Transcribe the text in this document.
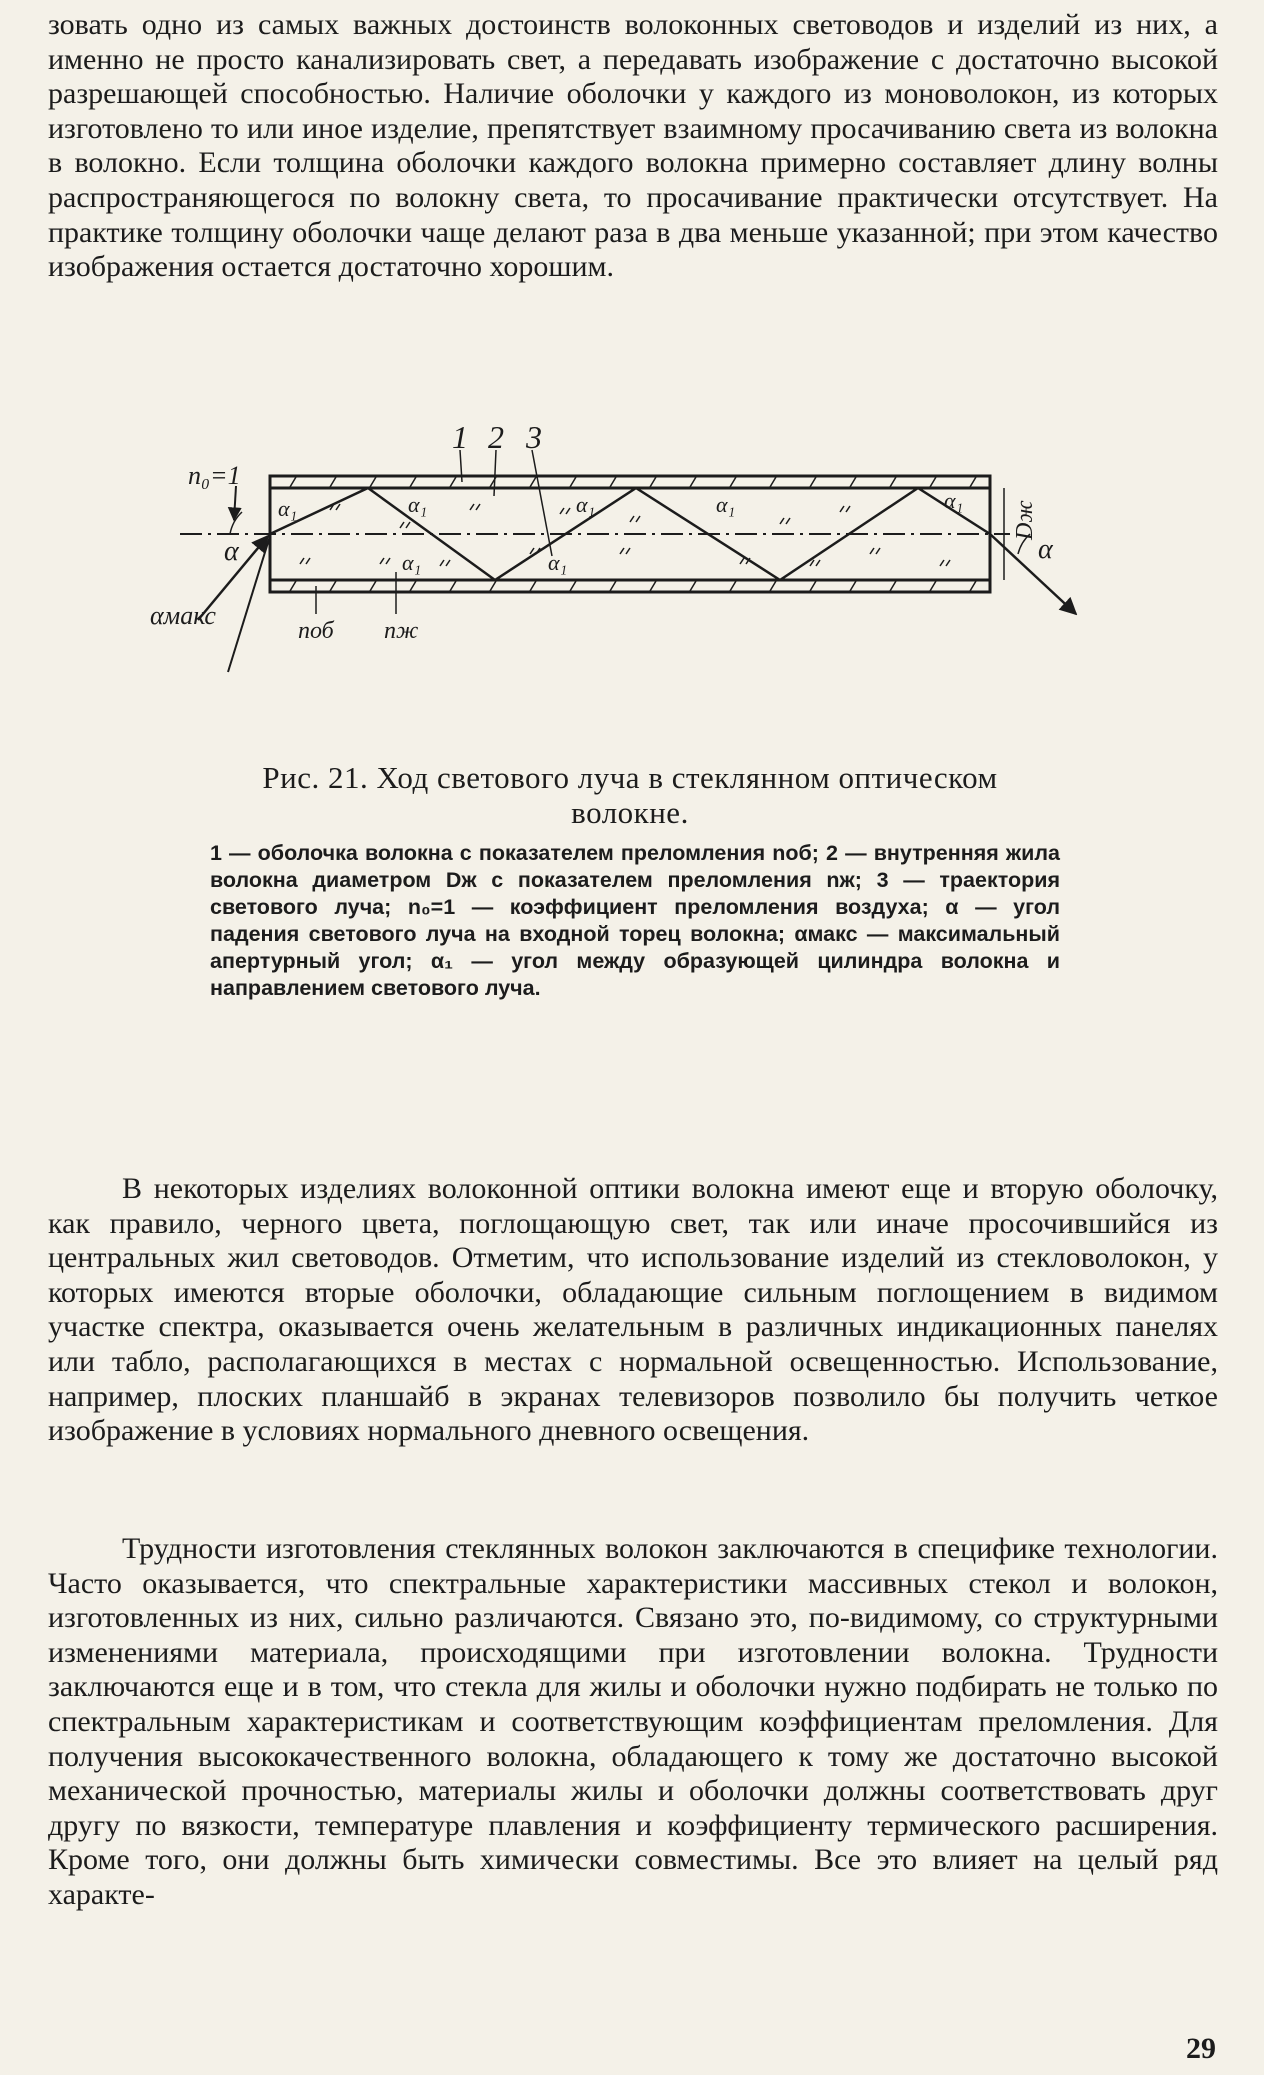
зовать одно из самых важных достоинств волоконных световодов и изделий из них, а именно не просто канализировать свет, а передавать изображение с достаточно высокой разрешающей способностью. Наличие оболочки у каждого из моноволокон, из которых изготовлено то или иное изделие, препятствует взаимному просачиванию света из волокна в волокно. Если толщина оболочки каждого волокна примерно составляет длину волны распространяющегося по волокну света, то просачивание практически отсутствует. На практике толщину оболочки чаще делают раза в два меньше указанной; при этом качество изображения остается достаточно хорошим.

1 2 3
n₀=1
α
αмакс
α₁	α₁	α₁	α₁
α₁	α₁
α₁
α
nоб nж
Dж

Рис. 21. Ход светового луча в стеклянном оптическом волокне.

1 — оболочка волокна с показателем преломления nоб; 2 — внутренняя жила волокна диаметром Dж с показателем преломления nж; 3 — траектория светового луча; n₀=1 — коэффициент преломления воздуха; α — угол падения светового луча на входной торец волокна; αмакс — максимальный апертурный угол; α₁ — угол между образующей цилиндра волокна и направлением светового луча.

В некоторых изделиях волоконной оптики волокна имеют еще и вторую оболочку, как правило, черного цвета, поглощающую свет, так или иначе просочившийся из центральных жил световодов. Отметим, что использование изделий из стекловолокон, у которых имеются вторые оболочки, обладающие сильным поглощением в видимом участке спектра, оказывается очень желательным в различных индикационных панелях или табло, располагающихся в местах с нормальной освещенностью. Использование, например, плоских планшайб в экранах телевизоров позволило бы получить четкое изображение в условиях нормального дневного освещения.

Трудности изготовления стеклянных волокон заключаются в специфике технологии. Часто оказывается, что спектральные характеристики массивных стекол и волокон, изготовленных из них, сильно различаются. Связано это, по-видимому, со структурными изменениями материала, происходящими при изготовлении волокна. Трудности заключаются еще и в том, что стекла для жилы и оболочки нужно подбирать не только по спектральным характеристикам и соответствующим коэффициентам преломления. Для получения высококачественного волокна, обладающего к тому же достаточно высокой механической прочностью, материалы жилы и оболочки должны соответствовать друг другу по вязкости, температуре плавления и коэффициенту термического расширения. Кроме того, они должны быть химически совместимы. Все это влияет на целый ряд характе-

29
